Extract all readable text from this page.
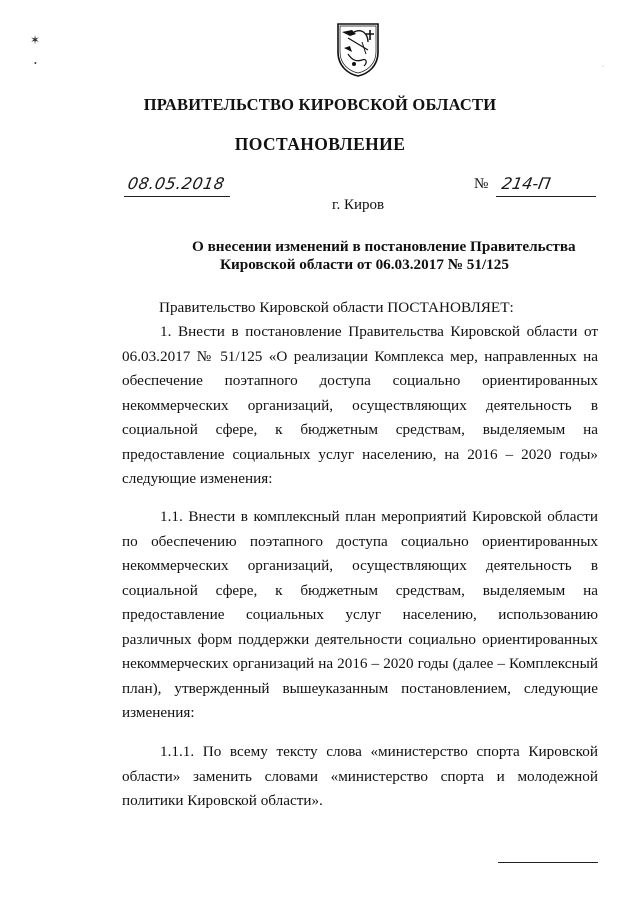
✶
•	·
ПРАВИТЕЛЬСТВО КИРОВСКОЙ ОБЛАСТИ
ПОСТАНОВЛЕНИЕ
08.05.2018	№ 214-П
г. Киров
О внесении изменений в постановление Правительства
Кировской области от 06.03.2017 № 51/125
Правительство Кировской области ПОСТАНОВЛЯЕТ:

1. Внести в постановление Правительства Кировской области от 06.03.2017 № 51/125 «О реализации Комплекса мер, направленных на обеспечение поэтапного доступа социально ориентированных некоммерческих организаций, осуществляющих деятельность в социальной сфере, к бюджетным средствам, выделяемым на предоставление социальных услуг населению, на 2016 – 2020 годы» следующие изменения:

1.1. Внести в комплексный план мероприятий Кировской области по обеспечению поэтапного доступа социально ориентированных некоммерческих организаций, осуществляющих деятельность в социальной сфере, к бюджетным средствам, выделяемым на предоставление социальных услуг населению, использованию различных форм поддержки деятельности социально ориентированных некоммерческих организаций на 2016 – 2020 годы (далее – Комплексный план), утвержденный вышеуказанным постановлением, следующие изменения:

1.1.1. По всему тексту слова «министерство спорта Кировской области» заменить словами «министерство спорта и молодежной политики Кировской области».
